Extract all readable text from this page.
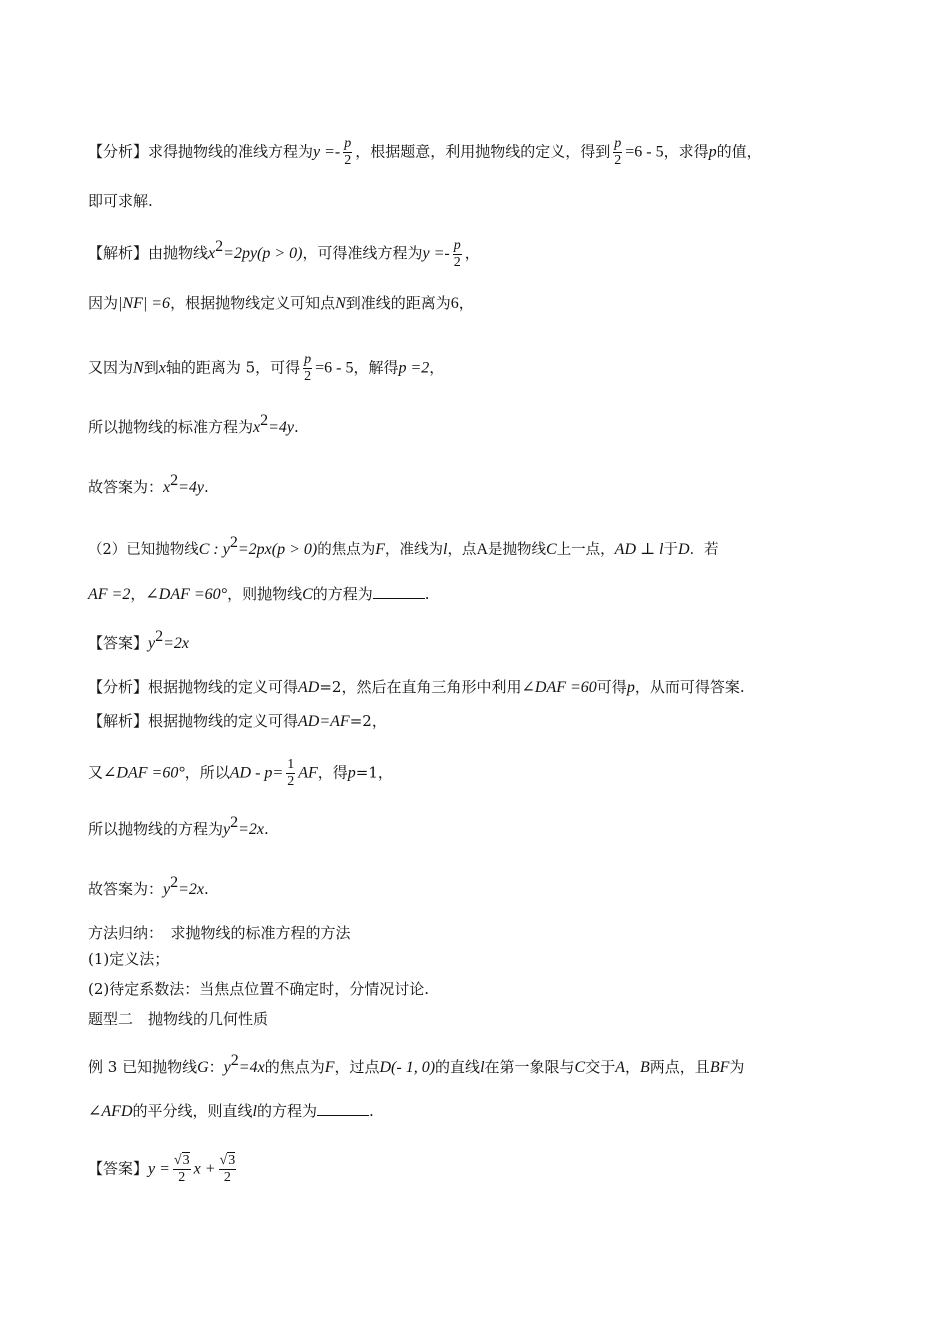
【分析】求得抛物线的准线方程为$y =- \frac{p}{2}$ ，根据题意，利用抛物线的定义，得到 $\frac{p}{2} =6 - 5$，求得p的值，
即可求解.
【解析】由抛物线$x^2=2py(p > 0)$，可得准线方程为$y =- \frac{p}{2}$ ，
因为|NF| =6，根据抛物线定义可知点N到准线的距离为6，
又因为N到x轴的距离为 5，可得 $\frac{p}{2} =6 - 5$，解得p =2，
所以抛物线的标准方程为$x^2=4y$.
故答案为：$x^2=4y$.
（2）已知抛物线C : $y^2=2px(p > 0)$的焦点为F，准线为l，点A是抛物线C上一点，AD ⊥ l于D．若
AF =2，∠DAF =60°，则抛物线C的方程为	.
【答案】$y^2=2x$
【分析】根据抛物线的定义可得AD=2，然后在直角三角形中利用∠DAF =60可得p，从而可得答案.
【解析】根据抛物线的定义可得AD=AF=2，
又∠DAF =60°，所以AD - $p= \frac{1}{2}$ AF，得p=1，
所以抛物线的方程为$y^2=2x$.
故答案为：$y^2=2x$.
方法归纳：　求抛物线的标准方程的方法
(1)定义法；
(2)待定系数法：当焦点位置不确定时，分情况讨论.
题型二　抛物线的几何性质
例 3 已知抛物线G：$y^2=4x$的焦点为F，过点D(- 1, 0)的直线l在第一象限与C交于A，B两点，且BF为
∠AFD的平分线，则直线l的方程为	.
【答案】$y = \frac{√3}{2}$ $x + \frac{√3}{2}$
